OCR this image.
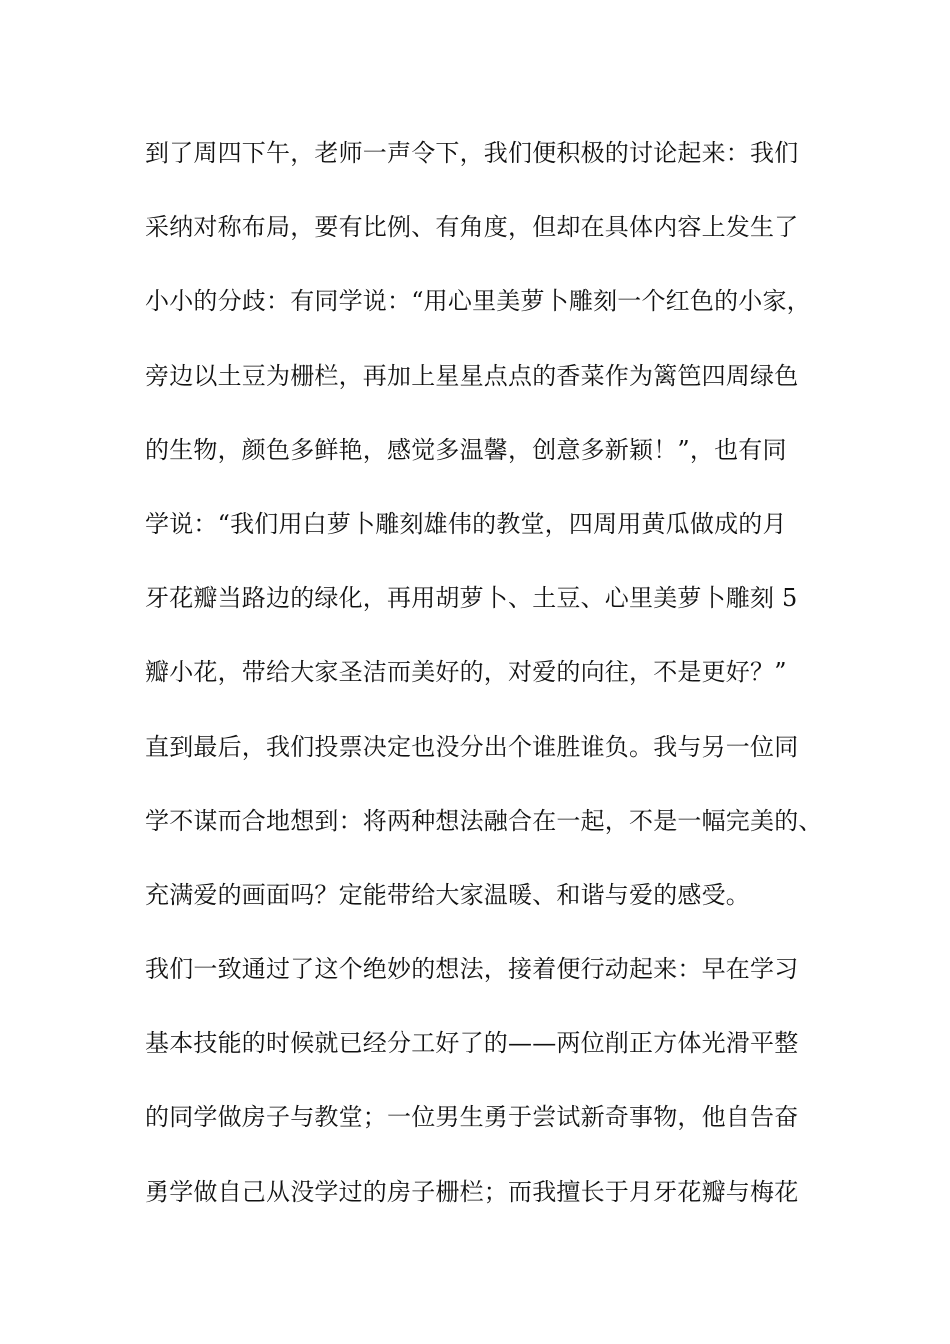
到了周四下午，老师一声令下，我们便积极的讨论起来：我们
采纳对称布局，要有比例、有角度，但却在具体内容上发生了
小小的分歧：有同学说：“用心里美萝卜雕刻一个红色的小家，
旁边以土豆为栅栏，再加上星星点点的香菜作为篱笆四周绿色
的生物，颜色多鲜艳，感觉多温馨，创意多新颖！”，也有同
学说：“我们用白萝卜雕刻雄伟的教堂，四周用黄瓜做成的月
牙花瓣当路边的绿化，再用胡萝卜、土豆、心里美萝卜雕刻 5
瓣小花，带给大家圣洁而美好的，对爱的向往，不是更好？”
直到最后，我们投票决定也没分出个谁胜谁负。我与另一位同
学不谋而合地想到：将两种想法融合在一起，不是一幅完美的、
充满爱的画面吗？定能带给大家温暖、和谐与爱的感受。
我们一致通过了这个绝妙的想法，接着便行动起来：早在学习
基本技能的时候就已经分工好了的——两位削正方体光滑平整
的同学做房子与教堂；一位男生勇于尝试新奇事物，他自告奋
勇学做自己从没学过的房子栅栏；而我擅长于月牙花瓣与梅花
